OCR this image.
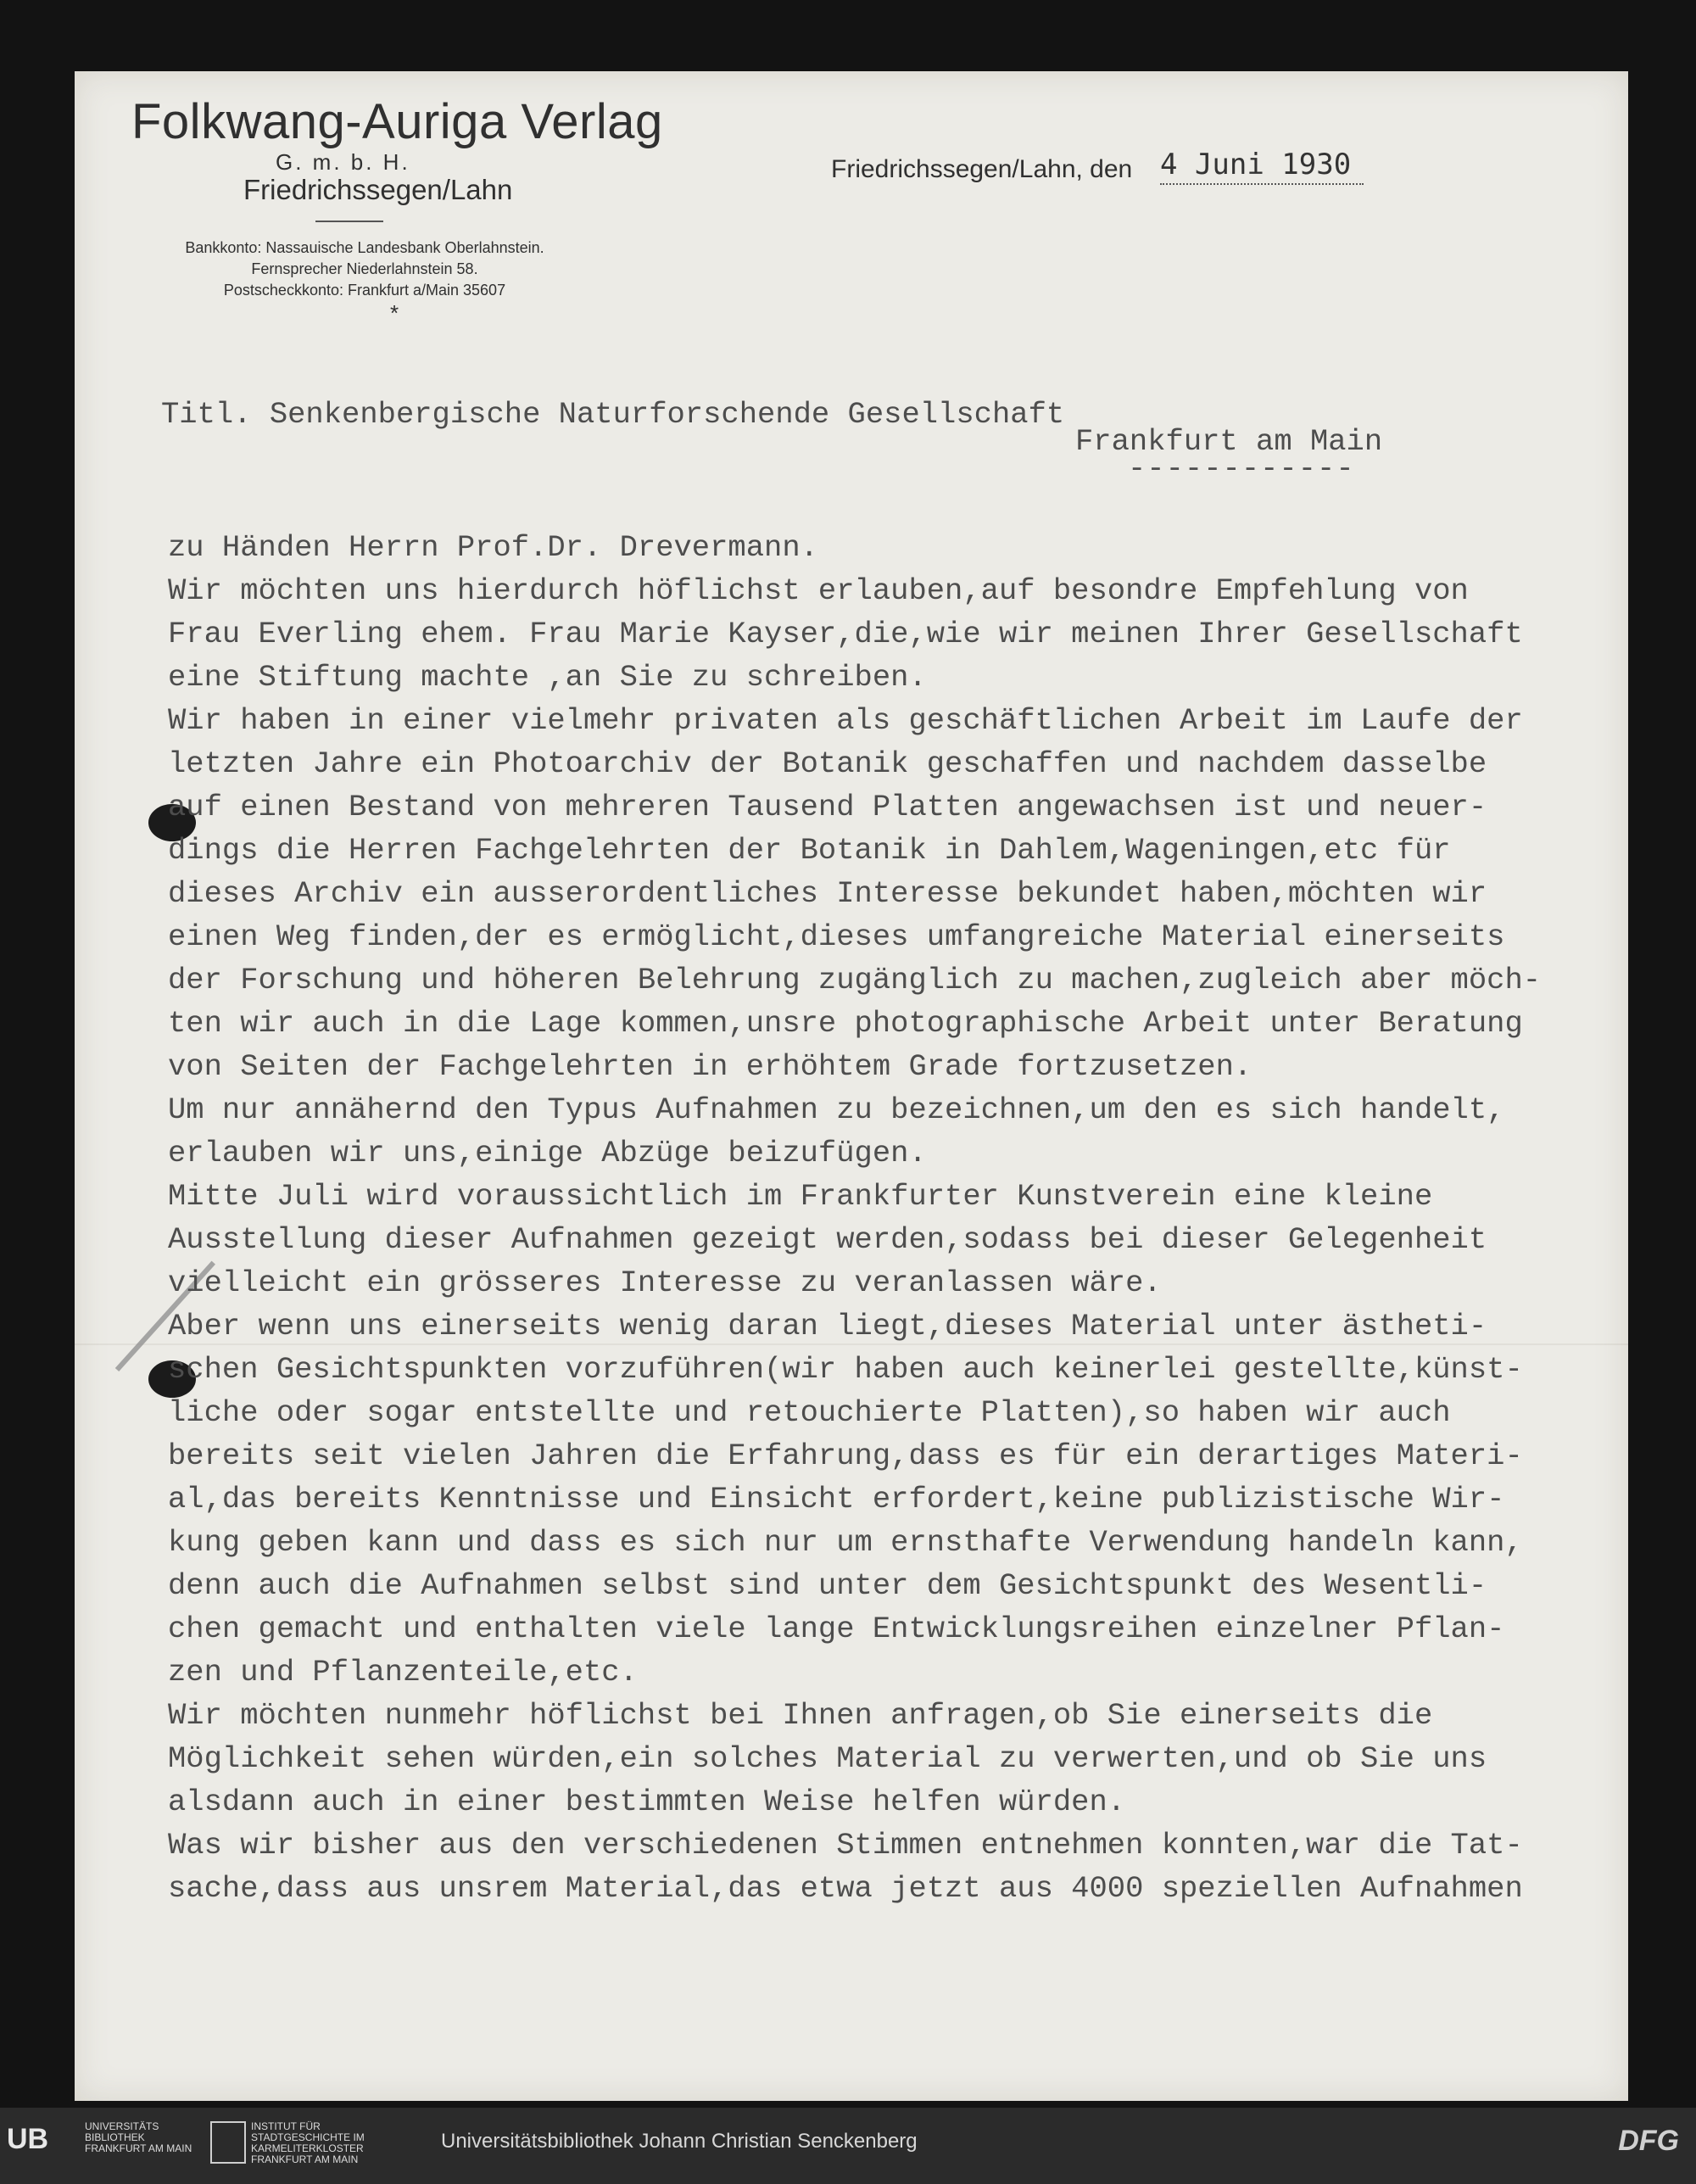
Folkwang-Auriga Verlag
G. m. b. H.
Friedrichssegen/Lahn
Bankkonto: Nassauische Landesbank Oberlahnstein.
Fernsprecher Niederlahnstein 58.
Postscheckkonto: Frankfurt a/Main 35607
*
Friedrichssegen/Lahn, den 4 Juni 1930
Titl. Senkenbergische Naturforschende Gesellschaft
Frankfurt am Main
------------
zu Händen Herrn Prof.Dr. Drevermann.
Wir möchten uns hierdurch höflichst erlauben,auf besondre Empfehlung von
Frau Everling ehem. Frau Marie Kayser,die,wie wir meinen Ihrer Gesellschaft
eine Stiftung machte ,an Sie zu schreiben.
Wir haben in einer vielmehr privaten als geschäftlichen Arbeit im Laufe der
letzten Jahre ein Photoarchiv der Botanik geschaffen und nachdem dasselbe
auf einen Bestand von mehreren Tausend Platten angewachsen ist und neuer-
dings die Herren Fachgelehrten der Botanik in Dahlem,Wageningen,etc für
dieses Archiv ein ausserordentliches Interesse bekundet haben,möchten wir
einen Weg finden,der es ermöglicht,dieses umfangreiche Material einerseits
der Forschung und höheren Belehrung zugänglich zu machen,zugleich aber möch-
ten wir auch in die Lage kommen,unsre photographische Arbeit unter Beratung
von Seiten der Fachgelehrten in erhöhtem Grade fortzusetzen.
Um nur annähernd den Typus Aufnahmen zu bezeichnen,um den es sich handelt,
erlauben wir uns,einige Abzüge beizufügen.
Mitte Juli wird voraussichtlich im Frankfurter Kunstverein eine kleine
Ausstellung dieser Aufnahmen gezeigt werden,sodass bei dieser Gelegenheit
vielleicht ein grösseres Interesse zu veranlassen wäre.
Aber wenn uns einerseits wenig daran liegt,dieses Material unter ästheti-
schen Gesichtspunkten vorzuführen(wir haben auch keinerlei gestellte,künst-
liche oder sogar entstellte und retouchierte Platten),so haben wir auch
bereits seit vielen Jahren die Erfahrung,dass es für ein derartiges Materi-
al,das bereits Kenntnisse und Einsicht erfordert,keine publizistische Wir-
kung geben kann und dass es sich nur um ernsthafte Verwendung handeln kann,
denn auch die Aufnahmen selbst sind unter dem Gesichtspunkt des Wesentli-
chen gemacht und enthalten viele lange Entwicklungsreihen einzelner Pflan-
zen und Pflanzenteile,etc.
Wir möchten nunmehr höflichst bei Ihnen anfragen,ob Sie einerseits die
Möglichkeit sehen würden,ein solches Material zu verwerten,und ob Sie uns
alsdann auch in einer bestimmten Weise helfen würden.
Was wir bisher aus den verschiedenen Stimmen entnehmen konnten,war die Tat-
sache,dass aus unsrem Material,das etwa jetzt aus 4000 speziellen Aufnahmen
UB	UNIVERSITÄTS BIBLIOTHEK FRANKFURT AM MAIN
INSTITUT FÜR STADTGESCHICHTE IM KARMELITERKLOSTER FRANKFURT AM MAIN
Universitätsbibliothek Johann Christian Senckenberg	DFG
